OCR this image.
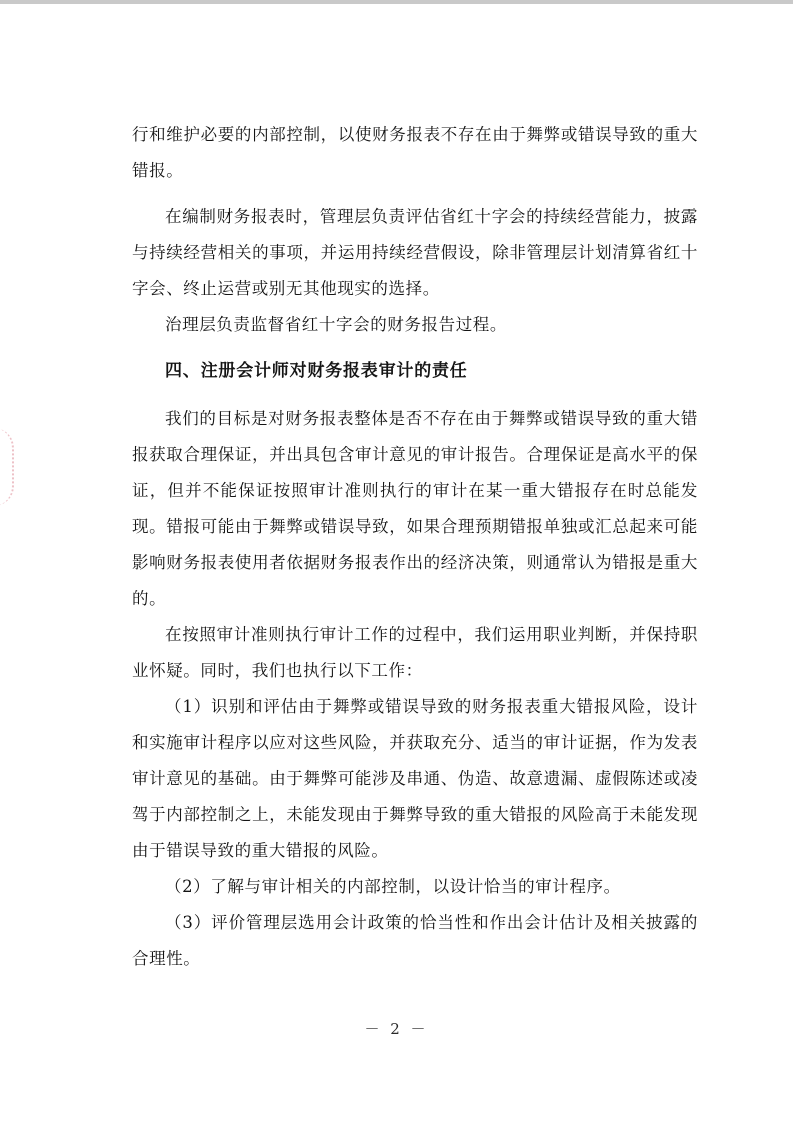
行和维护必要的内部控制，以使财务报表不存在由于舞弊或错误导致的重大错报。

在编制财务报表时，管理层负责评估省红十字会的持续经营能力，披露与持续经营相关的事项，并运用持续经营假设，除非管理层计划清算省红十字会、终止运营或别无其他现实的选择。

治理层负责监督省红十字会的财务报告过程。

四、注册会计师对财务报表审计的责任

我们的目标是对财务报表整体是否不存在由于舞弊或错误导致的重大错报获取合理保证，并出具包含审计意见的审计报告。合理保证是高水平的保证，但并不能保证按照审计准则执行的审计在某一重大错报存在时总能发现。错报可能由于舞弊或错误导致，如果合理预期错报单独或汇总起来可能影响财务报表使用者依据财务报表作出的经济决策，则通常认为错报是重大的。

在按照审计准则执行审计工作的过程中，我们运用职业判断，并保持职业怀疑。同时，我们也执行以下工作：

（1）识别和评估由于舞弊或错误导致的财务报表重大错报风险，设计和实施审计程序以应对这些风险，并获取充分、适当的审计证据，作为发表审计意见的基础。由于舞弊可能涉及串通、伪造、故意遗漏、虚假陈述或凌驾于内部控制之上，未能发现由于舞弊导致的重大错报的风险高于未能发现由于错误导致的重大错报的风险。

（2）了解与审计相关的内部控制，以设计恰当的审计程序。

（3）评价管理层选用会计政策的恰当性和作出会计估计及相关披露的合理性。

－ 2 －
